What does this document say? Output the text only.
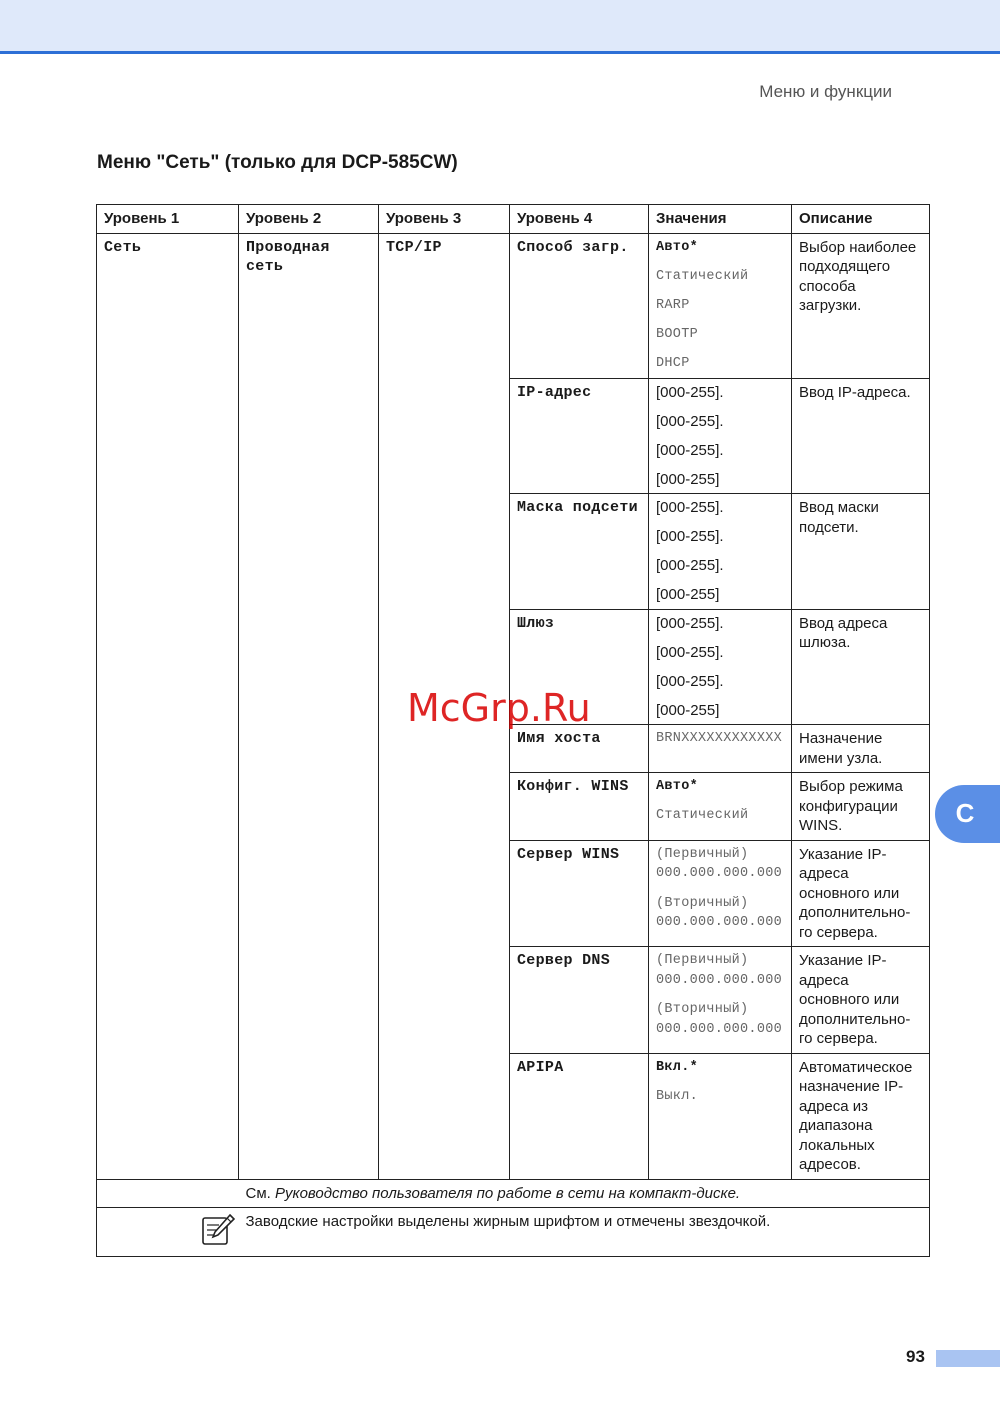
Меню и функции
Меню "Сеть" (только для DCP-585CW)
Уровень 1	Уровень 2	Уровень 3	Уровень 4	Значения	Описание
Сеть	Проводная сеть	TCP/IP	Способ загр.	Авто*
Статический
RARP
BOOTP
DHCP	Выбор наиболее подходящего способа загрузки.
			IP-адрес	[000-255].
[000-255].
[000-255].
[000-255]	Ввод IP-адреса.
			Маска подсети	[000-255].
[000-255].
[000-255].
[000-255]	Ввод маски подсети.
			Шлюз	[000-255].
[000-255].
[000-255].
[000-255]	Ввод адреса шлюза.
			Имя хоста	BRNXXXXXXXXXXXX	Назначение имени узла.
			Конфиг. WINS	Авто*
Статический	Выбор режима конфигурации WINS.
			Сервер WINS	(Первичный)
000.000.000.000
(Вторичный)
000.000.000.000	Указание IP-адреса основного или дополнительно-го сервера.
			Сервер DNS	(Первичный)
000.000.000.000
(Вторичный)
000.000.000.000	Указание IP-адреса основного или дополнительно-го сервера.
			APIPA	Вкл.*
Выкл.	Автоматическое назначение IP-адреса из диапазона локальных адресов.
	См. Руководство пользователя по работе в сети на компакт-диске.				
	Заводские настройки выделены жирным шрифтом и отмечены звездочкой.				
McGrp.Ru
C
93
